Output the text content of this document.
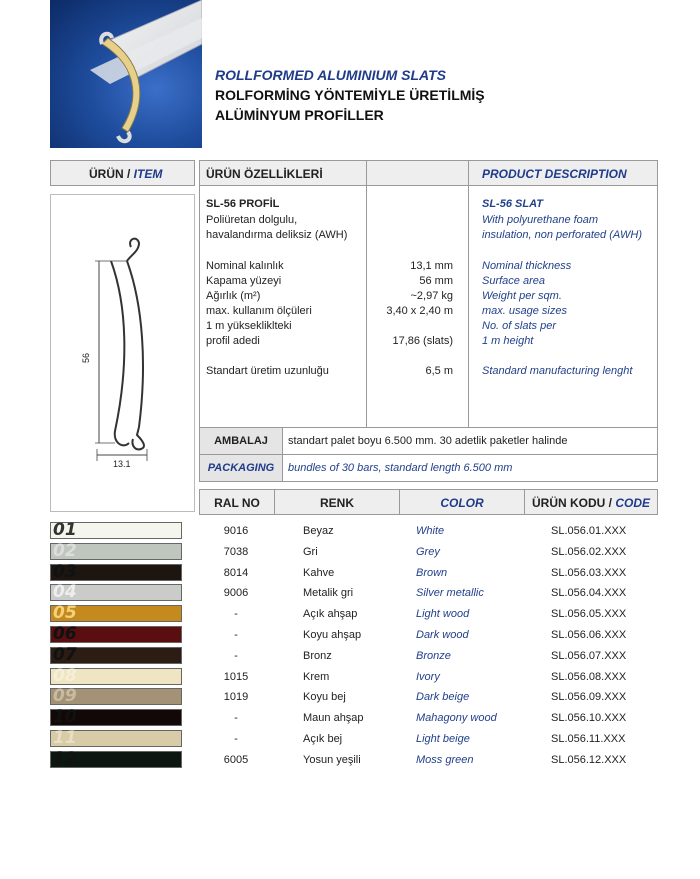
ROLLFORMED ALUMINIUM SLATS
ROLFORMİNG YÖNTEMİYLE ÜRETİLMİŞ
ALÜMİNYUM PROFİLLER
ÜRÜN / ITEM	ÜRÜN ÖZELLİKLERİ	PRODUCT DESCRIPTION
56
13.1
SL-56 PROFİL
Poliüretan dolgulu,
havalandırma deliksiz (AWH)
SL-56 SLAT
With polyurethane foam
insulation, non perforated (AWH)
Nominal kalınlık	13,1 mm	Nominal thickness
Kapama yüzeyi	56 mm	Surface area
Ağırlık (m²)	~2,97 kg	Weight per sqm.
max. kullanım ölçüleri	3,40 x 2,40 m	max. usage sizes
1 m yüksekliklteki	No. of slats per
profil adedi	17,86 (slats)	1 m height
Standart üretim uzunluğu	6,5 m	Standard manufacturing lenght
AMBALAJ	standart palet boyu 6.500 mm. 30 adetlik paketler halinde
PACKAGING	bundles of 30 bars, standard length 6.500 mm
RAL NO	RENK	COLOR	ÜRÜN KODU / CODE
01	9016	Beyaz	White	SL.056.01.XXX
02	7038	Gri	Grey	SL.056.02.XXX
03	8014	Kahve	Brown	SL.056.03.XXX
04	9006	Metalik gri	Silver metallic	SL.056.04.XXX
05	-	Açık ahşap	Light wood	SL.056.05.XXX
06	-	Koyu ahşap	Dark wood	SL.056.06.XXX
07	-	Bronz	Bronze	SL.056.07.XXX
08	1015	Krem	Ivory	SL.056.08.XXX
09	1019	Koyu bej	Dark beige	SL.056.09.XXX
10	-	Maun ahşap	Mahagony wood	SL.056.10.XXX
11	-	Açık bej	Light beige	SL.056.11.XXX
12	6005	Yosun yeşili	Moss green	SL.056.12.XXX
